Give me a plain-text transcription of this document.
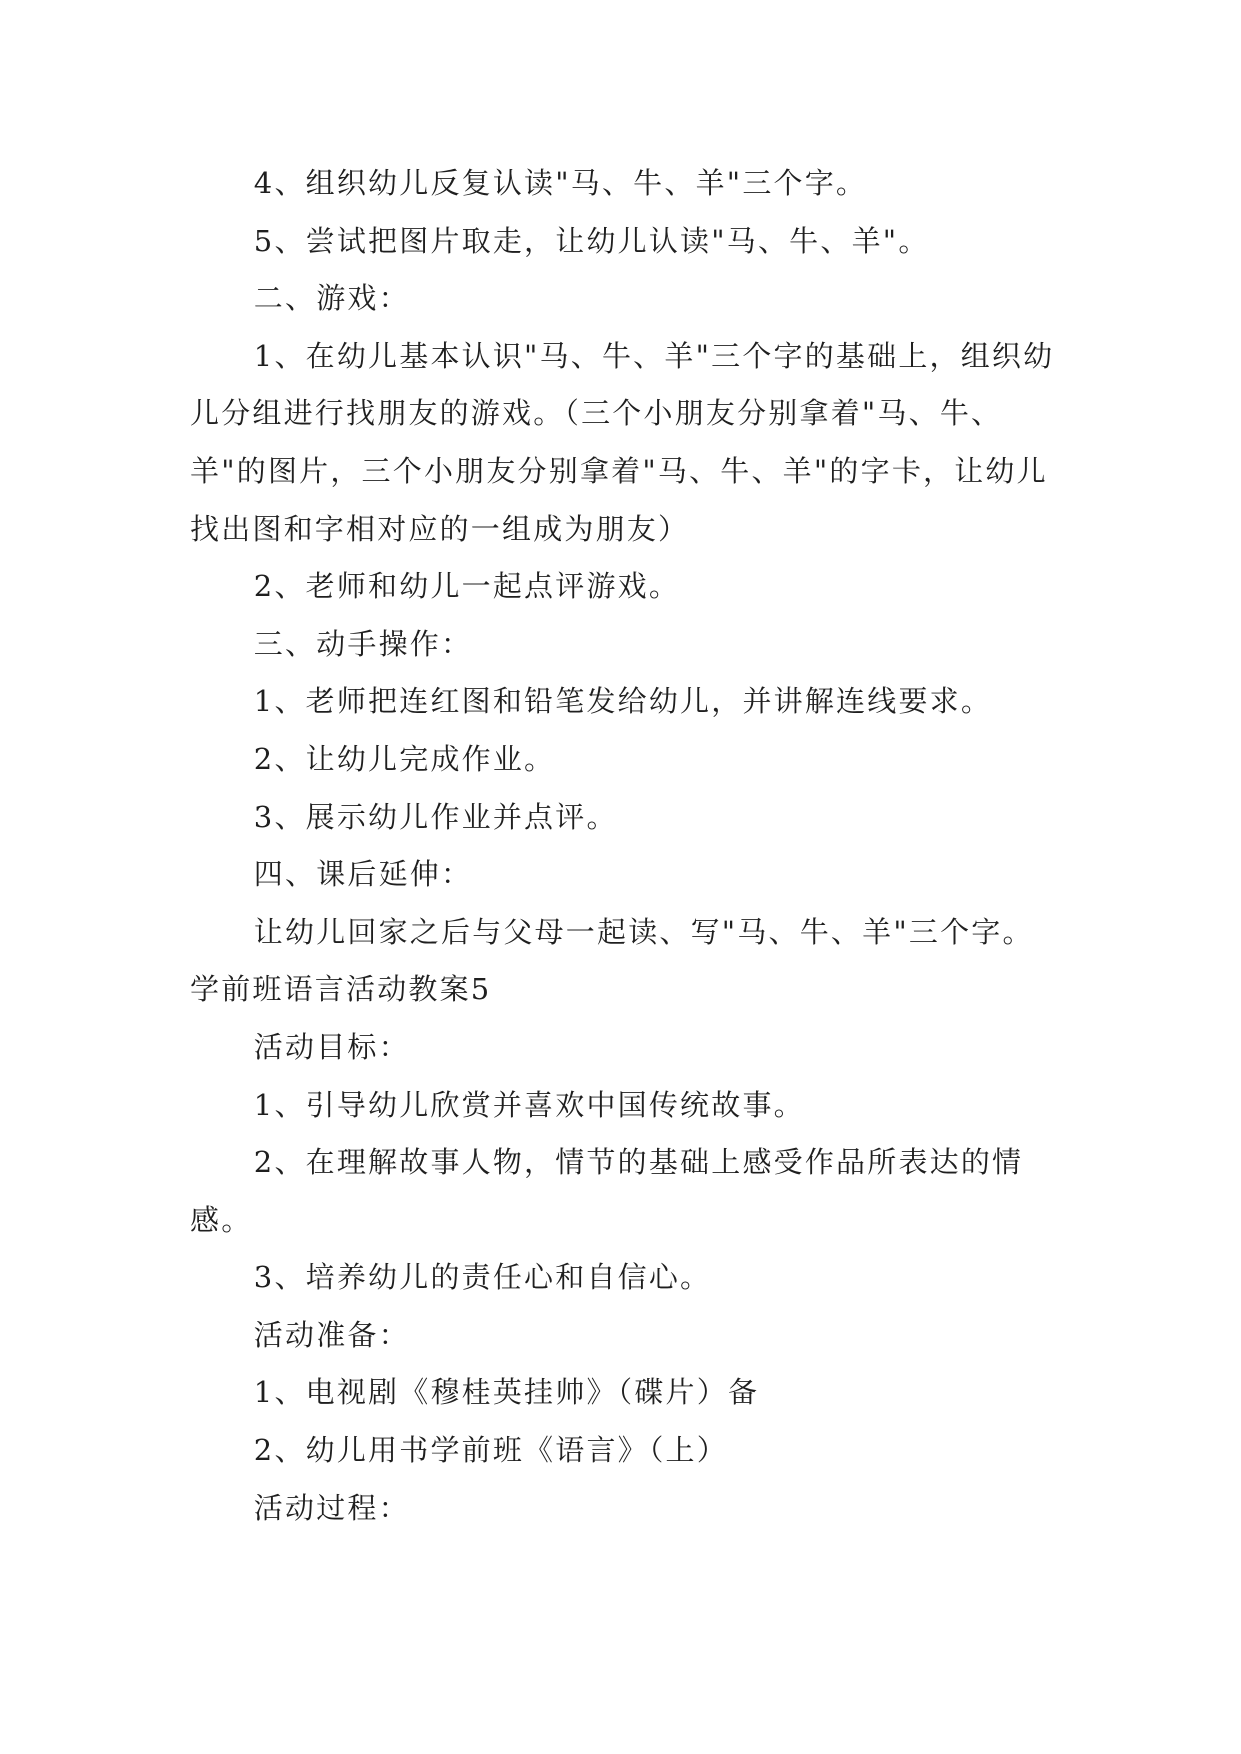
4、组织幼儿反复认读"马、牛、羊"三个字。

5、尝试把图片取走，让幼儿认读"马、牛、羊"。

二、游戏：

1、在幼儿基本认识"马、牛、羊"三个字的基础上，组织幼儿分组进行找朋友的游戏。（三个小朋友分别拿着"马、牛、羊"的图片，三个小朋友分别拿着"马、牛、羊"的字卡，让幼儿找出图和字相对应的一组成为朋友）

2、老师和幼儿一起点评游戏。

三、动手操作：

1、老师把连红图和铅笔发给幼儿，并讲解连线要求。

2、让幼儿完成作业。

3、展示幼儿作业并点评。

四、课后延伸：

让幼儿回家之后与父母一起读、写"马、牛、羊"三个字。

学前班语言活动教案5

活动目标：

1、引导幼儿欣赏并喜欢中国传统故事。

2、在理解故事人物，情节的基础上感受作品所表达的情感。

3、培养幼儿的责任心和自信心。

活动准备：

1、电视剧《穆桂英挂帅》（碟片）备

2、幼儿用书学前班《语言》（上）

活动过程：
